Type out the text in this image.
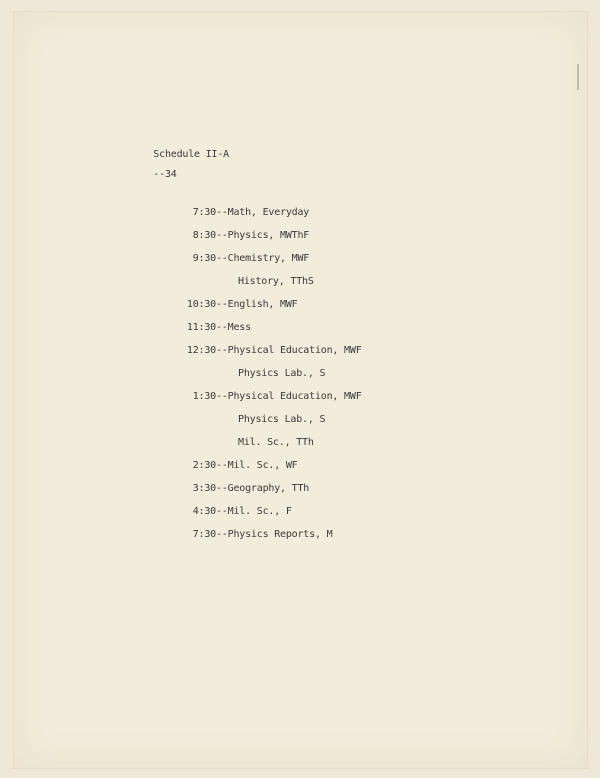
Schedule II-A

--34

7:30 --Math, Everyday
8:30 --Physics, MWThF
9:30 --Chemistry, MWF
History, TThS
10:30 --English, MWF
11:30 --Mess
12:30 --Physical Education, MWF
Physics Lab., S
1:30 --Physical Education, MWF
Physics Lab., S
Mil. Sc., TTh
2:30 --Mil. Sc., WF
3:30 --Geography, TTh
4:30 --Mil. Sc., F
7:30 --Physics Reports, M
